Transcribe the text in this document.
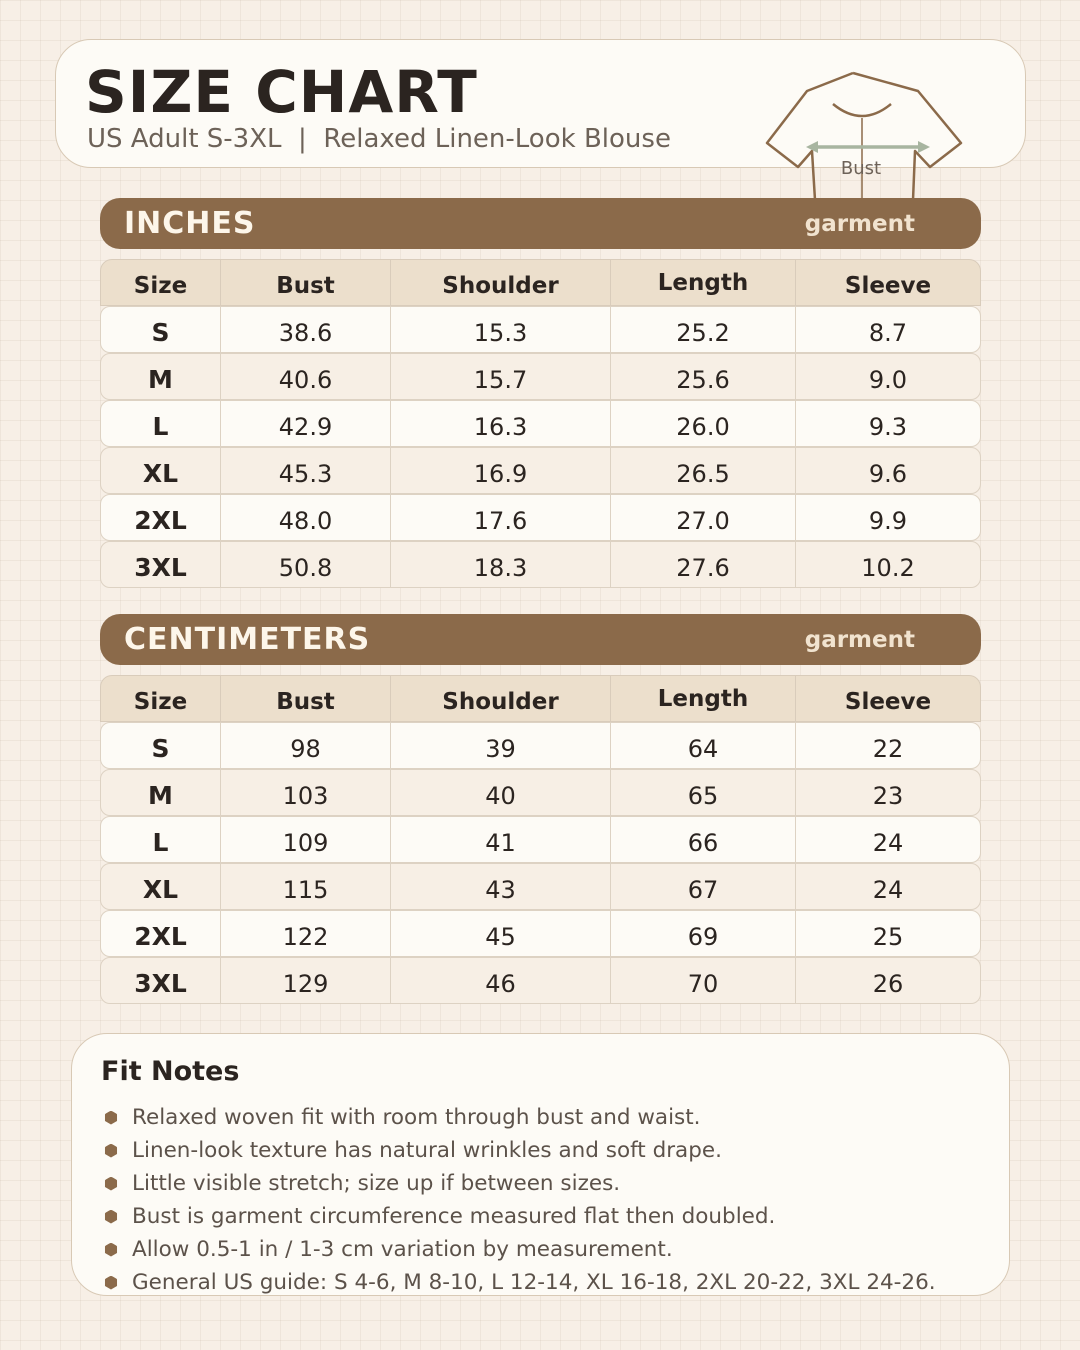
SIZE CHART
US Adult S-3XL  |  Relaxed Linen-Look Blouse
Bust
INCHES	garment
Size	Bust	Shoulder	Length	Sleeve
S	38.6	15.3	25.2	8.7
M	40.6	15.7	25.6	9.0
L	42.9	16.3	26.0	9.3
XL	45.3	16.9	26.5	9.6
2XL	48.0	17.6	27.0	9.9
3XL	50.8	18.3	27.6	10.2
CENTIMETERS	garment
Size	Bust	Shoulder	Length	Sleeve
S	98	39	64	22
M	103	40	65	23
L	109	41	66	24
XL	115	43	67	24
2XL	122	45	69	25
3XL	129	46	70	26
Fit Notes
Relaxed woven fit with room through bust and waist.
Linen-look texture has natural wrinkles and soft drape.
Little visible stretch; size up if between sizes.
Bust is garment circumference measured flat then doubled.
Allow 0.5-1 in / 1-3 cm variation by measurement.
General US guide: S 4-6, M 8-10, L 12-14, XL 16-18, 2XL 20-22, 3XL 24-26.
